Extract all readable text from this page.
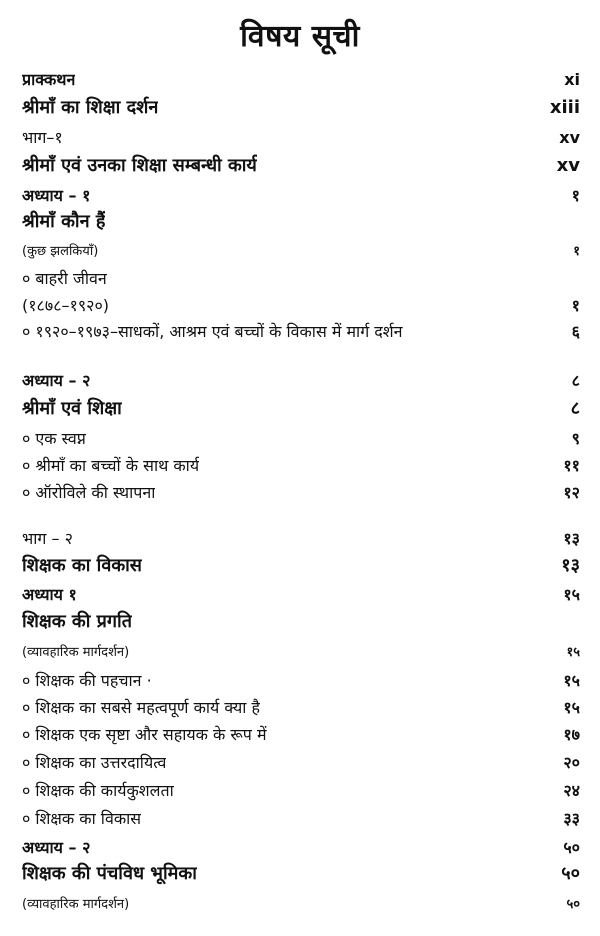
विषय सूची
प्राक्कथन	xi
श्रीमाँ का शिक्षा दर्शन	xiii
भाग–१	xv
श्रीमाँ एवं उनका शिक्षा सम्बन्धी कार्य	xv
अध्याय – १	१
श्रीमाँ कौन हैं
(कुछ झलकियाँ)	१
० बाहरी जीवन
(१८७८–१९२०)	१
० १९२०–१९७३–साधकों, आश्रम एवं बच्चों के विकास में मार्ग दर्शन	६
अध्याय – २	८
श्रीमाँ एवं शिक्षा	८
० एक स्वप्न	९
० श्रीमाँ का बच्चों के साथ कार्य	११
० ऑरोविले की स्थापना	१२
भाग – २	१३
शिक्षक का विकास	१३
अध्याय १	१५
शिक्षक की प्रगति
(व्यावहारिक मार्गदर्शन)	१५
० शिक्षक की पहचान ·	१५
० शिक्षक का सबसे महत्वपूर्ण कार्य क्या है	१५
० शिक्षक एक सृष्टा और सहायक के रूप में	१७
० शिक्षक का उत्तरदायित्व	२०
० शिक्षक की कार्यकुशलता	२४
० शिक्षक का विकास	३३
अध्याय – २	५०
शिक्षक की पंचविध भूमिका	५०
(व्यावहारिक मार्गदर्शन)	५०
